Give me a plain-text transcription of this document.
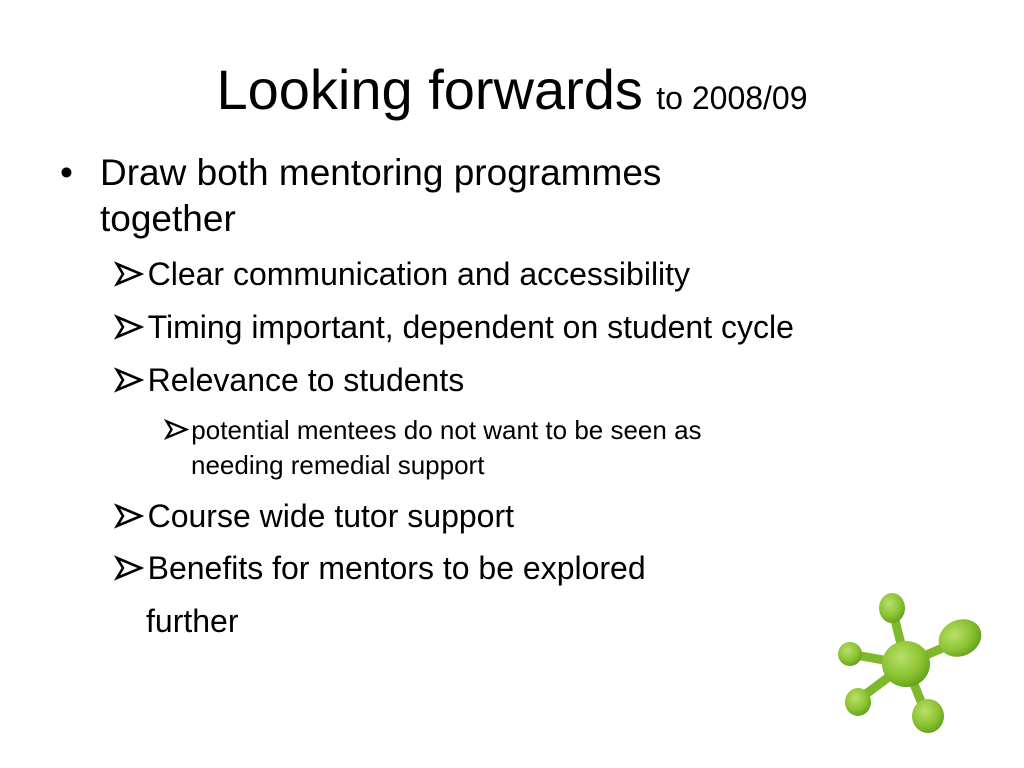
Looking forwards to 2008/09
• Draw both mentoring programmes
together
Clear communication and accessibility
Timing important, dependent on student cycle
Relevance to students
potential mentees do not want to be seen as
needing remedial support
Course wide tutor support
Benefits for mentors to be explored
further
